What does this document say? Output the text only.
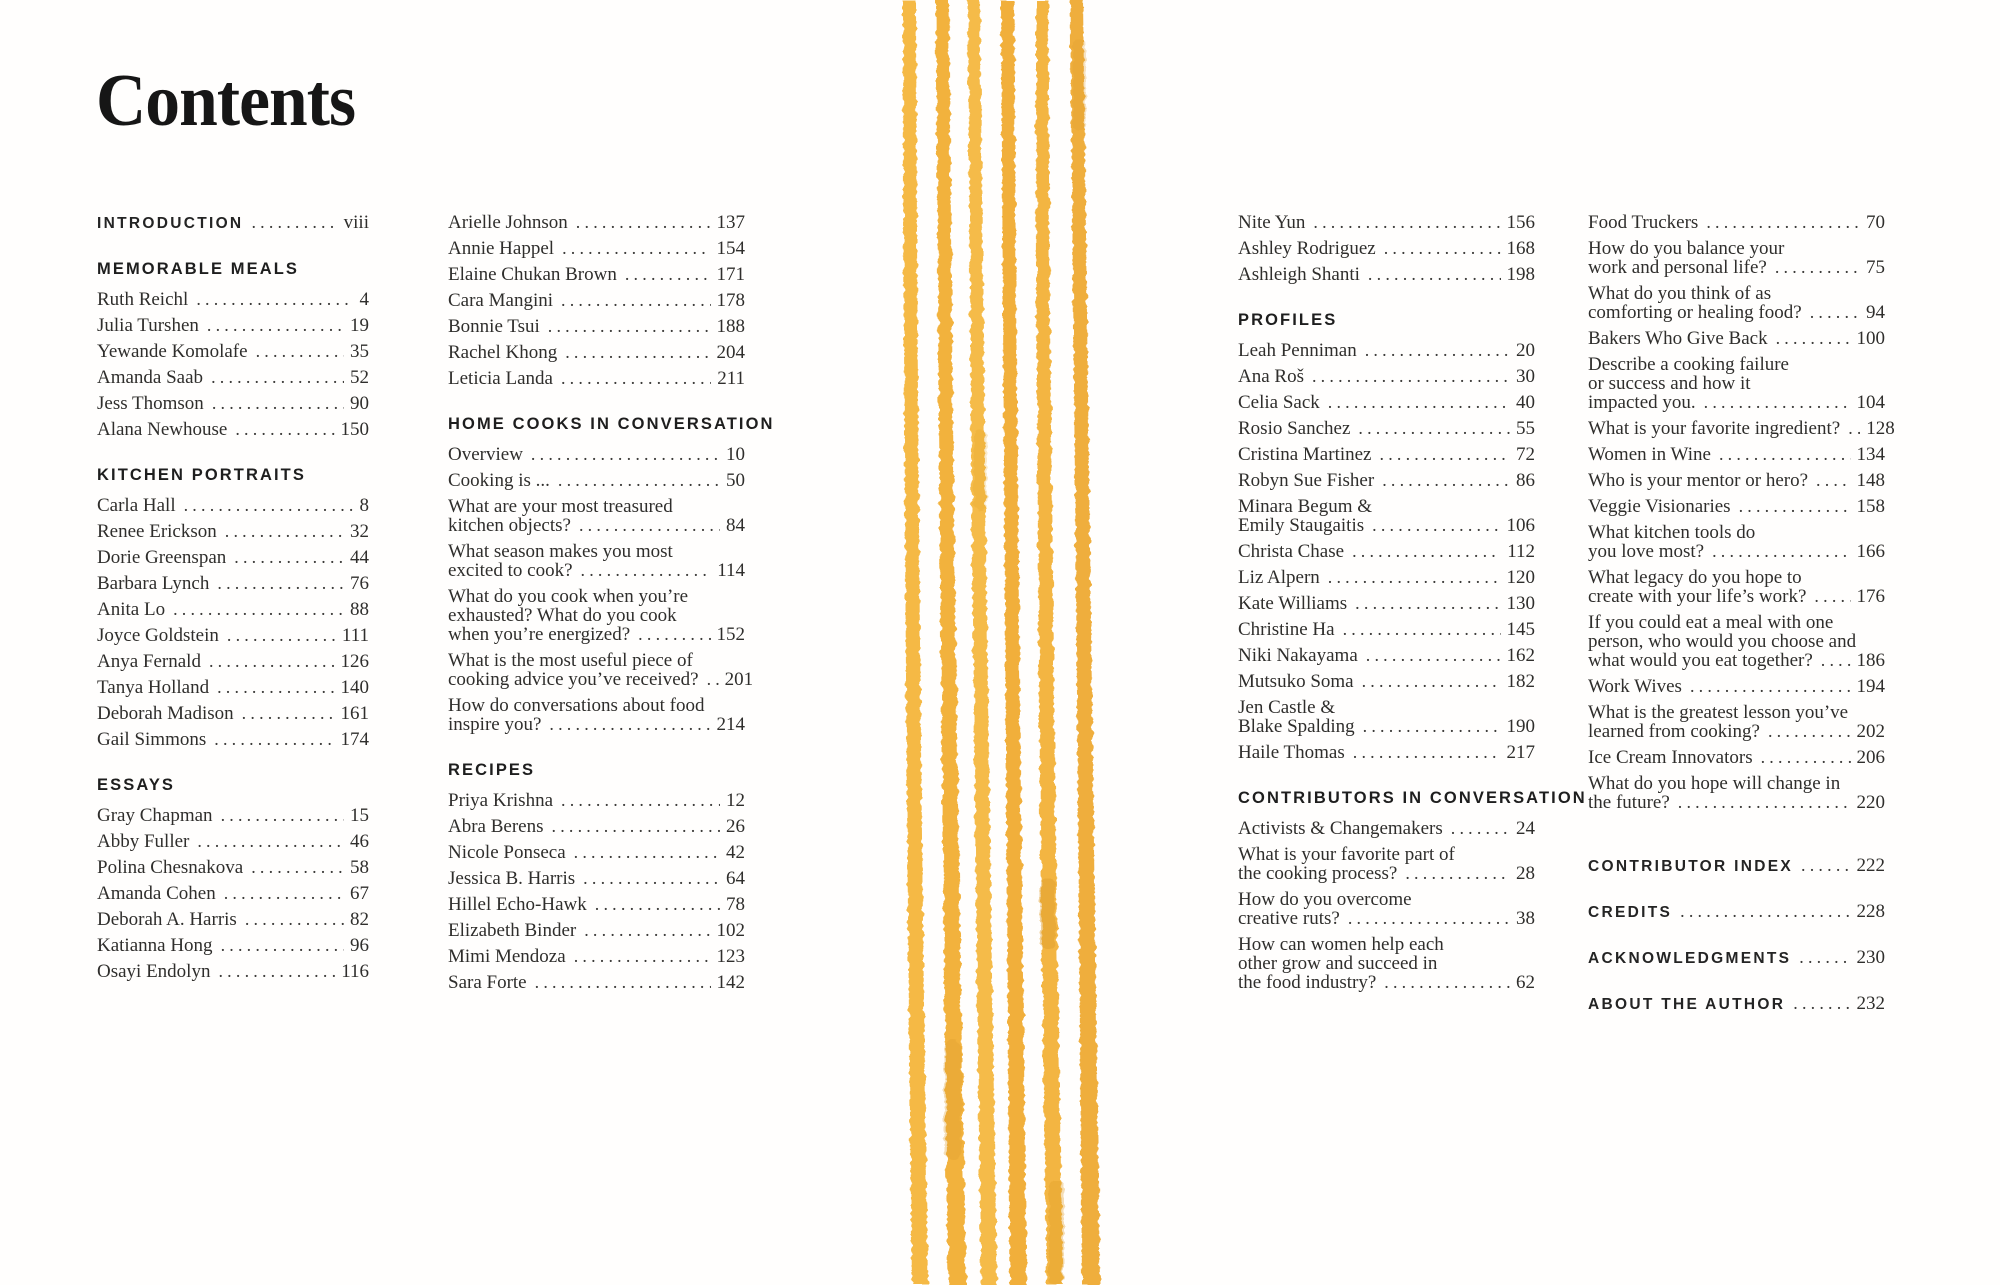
Contents
INTRODUCTION .....	viii
MEMORABLE MEALS
Ruth Reichl .....	4
Julia Turshen .....	19
Yewande Komolafe .....	35
Amanda Saab .....	52
Jess Thomson .....	90
Alana Newhouse .....	150
KITCHEN PORTRAITS
Carla Hall .....	8
Renee Erickson .....	32
Dorie Greenspan .....	44
Barbara Lynch .....	76
Anita Lo .....	88
Joyce Goldstein .....	111
Anya Fernald .....	126
Tanya Holland .....	140
Deborah Madison .....	161
Gail Simmons .....	174
ESSAYS
Gray Chapman .....	15
Abby Fuller .....	46
Polina Chesnakova .....	58
Amanda Cohen .....	67
Deborah A. Harris .....	82
Katianna Hong .....	96
Osayi Endolyn .....	116
Arielle Johnson .....	137
Annie Happel .....	154
Elaine Chukan Brown .....	171
Cara Mangini .....	178
Bonnie Tsui .....	188
Rachel Khong .....	204
Leticia Landa .....	211
HOME COOKS IN CONVERSATION
Overview .....	10
Cooking is ... .....	50
What are your most treasured
kitchen objects? .....	84
What season makes you most
excited to cook? .....	114
What do you cook when you’re
exhausted? What do you cook
when you’re energized? .....	152
What is the most useful piece of
cooking advice you’ve received? ..... 201
How do conversations about food
inspire you? .....	214
RECIPES
Priya Krishna .....	12
Abra Berens .....	26
Nicole Ponseca .....	42
Jessica B. Harris .....	64
Hillel Echo-Hawk .....	78
Elizabeth Binder .....	102
Mimi Mendoza .....	123
Sara Forte .....	142
Nite Yun .....	156
Ashley Rodriguez .....	168
Ashleigh Shanti .....	198
PROFILES
Leah Penniman .....	20
Ana Roš .....	30
Celia Sack .....	40
Rosio Sanchez .....	55
Cristina Martinez .....	72
Robyn Sue Fisher .....	86
Minara Begum &
Emily Staugaitis .....	106
Christa Chase .....	112
Liz Alpern .....	120
Kate Williams .....	130
Christine Ha .....	145
Niki Nakayama .....	162
Mutsuko Soma .....	182
Jen Castle &
Blake Spalding .....	190
Haile Thomas .....	217
CONTRIBUTORS IN CONVERSATION
Activists & Changemakers .....	24
What is your favorite part of
the cooking process? .....	28
How do you overcome
creative ruts? .....	38
How can women help each
other grow and succeed in
the food industry? .....	62
Food Truckers .....	70
How do you balance your
work and personal life? .....	75
What do you think of as
comforting or healing food? .....	94
Bakers Who Give Back .....	100
Describe a cooking failure
or success and how it
impacted you. .....	104
What is your favorite ingredient? ..... 128
Women in Wine .....	134
Who is your mentor or hero? .....	148
Veggie Visionaries .....	158
What kitchen tools do
you love most? .....	166
What legacy do you hope to
create with your life’s work? .....	176
If you could eat a meal with one
person, who would you choose and
what would you eat together? ..... 186
Work Wives .....	194
What is the greatest lesson you’ve
learned from cooking? .....	202
Ice Cream Innovators .....	206
What do you hope will change in
the future? .....	220
CONTRIBUTOR INDEX .....	222
CREDITS .....	228
ACKNOWLEDGMENTS .....	230
ABOUT THE AUTHOR .....	232
